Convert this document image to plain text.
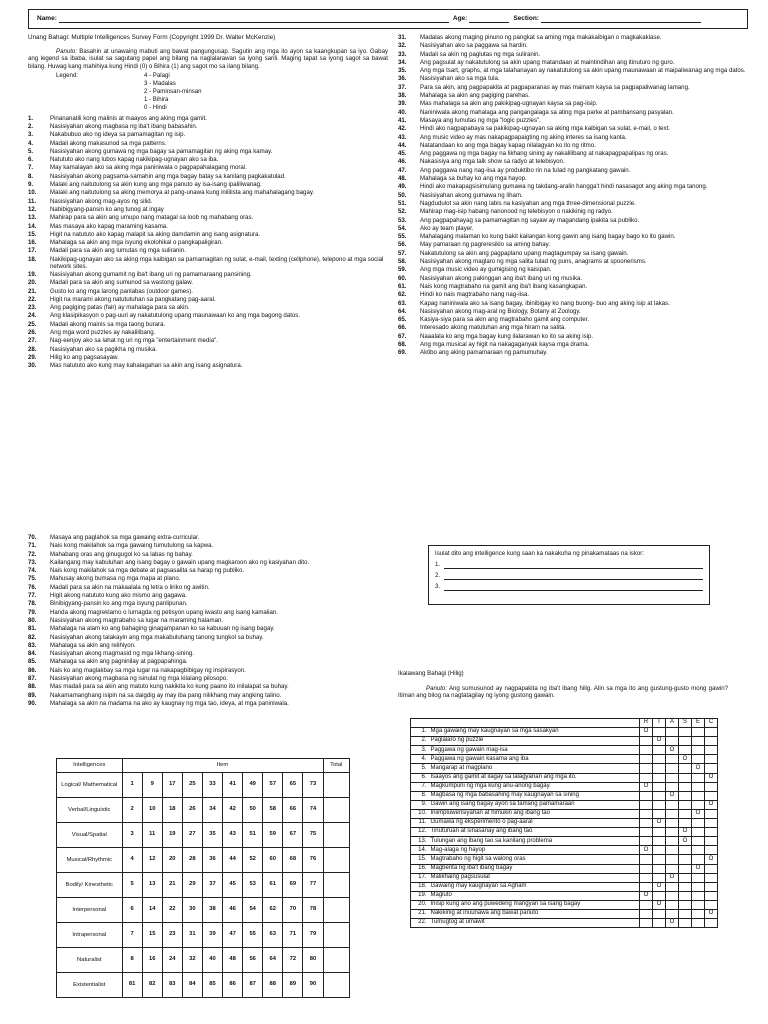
Name:	Age:	Section:
Unang Bahagi: Multiple Intelligences Survey Form (Copyright 1999 Dr. Walter McKenzie)

Panuto: Basahin at unawaing mabuti ang bawat pangungusap. Sagutin ang mga ito ayon sa kaangkupan sa iyo. Gabay ang legend sa ibaba, isulat sa sagutang papel ang bilang na naglalarawan sa iyong sarili. Maging tapat sa iyong sagot sa bawat bilang. Huwag kang mahihiya kung Hindi (0) o Bihira (1) ang sagot mo sa ilang bilang.

Legend:	4 - Palagi
3 - Madalas
2 - Paminsan-minsan
1 - Bihira
0 - Hindi
1.	Pinananatili kong malinis at maayos ang aking mga gamit.
2.	Nasisiyahan akong magbasa ng iba't ibang babasahin.
3.	Nakabubuo ako ng ideya sa pamamagitan ng isip.
4.	Madali akong makasunod sa mga patterns.
5.	Nasisiyahan akong gumawa ng mga bagay sa pamamagitan ng aking mga kamay.
6.	Natututo ako nang lubos kapag nakikipag-ugnayan ako sa iba.
7.	May kamalayan ako sa aking mga paniniwala o pagpapahalagang moral.
8.	Nasisiyahan akong pagsama-samahin ang mga bagay batay sa kanilang pagkakatulad.
9.	Malaki ang naitutulong sa akin kung ang mga panuto ay isa-isang ipaliliwanag.
10.	Malaki ang naitutulong sa aking memorya at pang-unawa kung inililista ang mahahalagang bagay.
11.	Nasisiyahan akong mag-ayos ng silid.
12.	Nabibigyang-pansin ko ang tunog at ingay
13.	Mahirap para sa akin ang umupo nang matagal sa loob ng mahabang oras.
14.	Mas masaya ako kapag maraming kasama.
15.	Higit na natututo ako kapag malapit sa aking damdamin ang isang asignatura.
16.	Mahalaga sa akin ang mga isyung ekolohikal o pangkapaligiran.
17.	Madali para sa akin ang lumutas ng mga suliranin.
18.	Nakikipag-ugnayan ako sa aking mga kaibigan sa pamamagitan ng sulat, e-mail, texting (cellphone), telepono at mga social network sites.
19.	Nasisiyahan akong gumamit ng iba't ibang uri ng pamamaraang pansining.
20.	Madali para sa akin ang sumunod sa wastong galaw.
21.	Gusto ko ang mga larong panlabas (outdoor games).
22.	Higit na marami akong natututuhan sa pangkatang pag-aaral.
23.	Ang pagiging patas (fair) ay mahalaga para sa akin.
24.	Ang klasipikasyon o pag-uuri ay nakatutulong upang maunawaan ko ang mga bagong datos.
25.	Madali akong mainis sa mga taong burara.
26.	Ang mga word puzzles ay nakalilibang.
27.	Nag-eenjoy ako sa lahat ng uri ng mga "entertainment media".
28.	Nasisiyahan ako sa pagikha ng musika.
29.	Hilig ko ang pagsasayaw.
30.	Mas natututo ako kung may kahalagahan sa akin ang isang asignatura.
31.	Madalas akong maging pinuno ng pangkat sa aming mga makakaibigan o magkakaklase.
32.	Nasisiyahan ako sa paggawa sa hardin.
33.	Madali sa akin ng paglutas ng mga suliranin.
34.	Ang pagsulat ay nakatutulong sa akin upang matandaan at maintindihan ang itinuturo ng guro.
35.	Ang mga tsart, graphs, at mga talahanayan ay nakatutulong sa akin upang maunawaan at maipaliwanag ang mga datos.
36.	Nasisiyahan ako sa mga tula.
37.	Para sa akin, ang pagpapakita at pagpaparanas ay mas mainam kaysa sa pagpapaliwanag lamang.
38.	Mahalaga sa akin ang pagiging parehas.
39.	Mas mahalaga sa akin ang pakikipag-ugnayan kaysa sa pag-iisip.
40.	Naniniwala akong mahalaga ang pangangalaga sa ating mga parke at pambansang pasyalan.
41.	Masaya ang lumutas ng mga "logic puzzles".
42.	Hindi ako nagpapabaya sa pakikipag-ugnayan sa aking mga kaibigan sa sulat, e-mail, o text.
43.	Ang music video ay mas nakapagpapaigting ng aking interes sa isang kanta.
44.	Natatandaan ko ang mga bagay kapag nilalagyan ko ito ng ritmo.
45.	Ang paggawa ng mga bagay na likhang sining ay nakalilibang at nakapagpapalipas ng oras.
46.	Nakasisiya ang mga talk show sa radyo at telebisyon.
47.	Ang paggawa nang nag-iisa ay produktibo rin na tulad ng pangkatang gawain.
48.	Mahalaga sa buhay ko ang mga hayop.
49.	Hindi ako makapagsisimulang gumawa ng takdang-aralin hangga't hindi nasasagot ang aking mga tanong.
50.	Nasisiyahan akong gumawa ng liham.
51.	Nagdudulot sa akin nang labis na kasiyahan ang mga three-dimensional puzzle.
52.	Mahirap mag-isip habang nanonood ng telebisyon o nakikinig ng radyo.
53.	Ang pagpapahayag sa pamamagitan ng sayaw ay magandang ipakita sa publiko.
54.	Ako ay team player.
55.	Mahalagang malaman ko kung bakit kailangan kong gawin ang isang bagay bago ko ito gawin.
56.	May pamaraan ng pagreresiklo sa aming bahay.
57.	Nakatutulong sa akin ang pagpaplano upang magtagumpay sa isang gawain.
58.	Nasisiyahan akong maglaro ng mga salita tulad ng puns, anagrams at spoonerisms.
59.	Ang mga music video ay gumigising ng kaisipan.
60.	Nasisiyahan akong pakinggan ang iba't ibang uri ng musika.
61.	Nais kong magtrabaho na gamit ang iba't ibang kasangkapan.
62.	Hindi ko nais magtrabaho nang nag-iisa.
63.	Kapag naniniwala ako sa isang bagay, ibinibigay ko nang buong- buo ang aking isip at lakas.
64.	Nasisiyahan akong mag-aral ng Biology, Botany at Zoology.
65.	Kasiya-siya para sa akin ang magtrabaho gamit ang computer.
66.	Interesado akong matutuhan ang mga hiram na salita.
67.	Naaalala ko ang mga bagay kung ilalarawan ko ito sa aking isip.
68.	Ang mga musical ay higit na nakagaganyak kaysa mga drama.
69.	Aktibo ang aking pamamaraan ng pamumuhay.
70.	Masaya ang paglahok sa mga gawaing extra-curricular.
71.	Nais kong makilahok sa mga gawaing tumutulong sa kapwa.
72.	Mahabang oras ang ginugugol ko sa labas ng bahay.
73.	Kailangang may kabuluhan ang isang bagay o gawain upang magkaroon ako ng kasiyahan dito.
74.	Nais kong makilahok sa mga debate at pagsasalita sa harap ng publiko.
75.	Mahusay akong bumasa ng mga mapa at plano.
76.	Madali para sa akin na makaalala ng letra o liriko ng awitin.
77.	Higit akong natututo kung ako mismo ang gagawa.
78.	Binibigyang-pansin ko ang mga isyung panlipunan.
79.	Handa akong magreklamo o lumagda ng petisyon upang iwasto ang isang kamalian.
80.	Nasisiyahan akong magtrabaho sa lugar na maraming halaman.
81.	Mahalaga na alam ko ang bahaging ginagampanan ko sa kabuuan ng isang bagay.
82.	Nasisiyahan akong talakayin ang mga makabuluhang tanong tungkol sa buhay.
83.	Mahalaga sa akin ang relihiyon.
84.	Nasisiyahan akong magmasid ng mga likhang-sining.
85.	Mahalaga sa akin ang pagninilay at pagpapahinga.
86.	Nais ko ang maglakbay sa mga lugar na nakapagbibigay ng inspirasyon.
87.	Nasisiyahan akong magbasa ng isinulat ng mga kilalang pilosopo.
88.	Mas madali para sa akin ang matuto kung nakikita ko kung paano ito inilalapat sa buhay.
89.	Nakamamanghang isipin na sa daigdig ay may iba pang nilikhang may angking talino.
90.	Mahalaga sa akin na madama na ako ay kaugnay ng mga tao, ideya, at mga paniniwala.
Isulat dito ang intelligence kung saan ka nakakuha ng pinakamataas na iskor:
1.
2.
3.
Ikalawang Bahagi (Hilig)

Panuto: Ang sumusunod ay nagpapakita ng iba't ibang hilig. Alin sa mga ito ang gustung-gusto mong gawin? Itiman ang bilog na nagtatagilay ng iyong gustong gawain.

		R	I	A	S	E	C
1.	Mga gawaing may kaugnayan sa mga sasakyan	O					
2.	Paglalaro ng puzzle		O				
3.	Paggawa ng gawain mag-isa			O			
4.	Paggawa ng gawain kasama ang iba				O		
5.	Mangarap at magplano					O	
6.	Isaayos ang gamit at ilagay sa lalagyanan ang mga ito.						O
7.	Magkumpuni ng mga kung anu-anong bagay.	O					
8.	Magbasa ng mga babasahing may kaugnayan sa sining			O			
9.	Gawin ang isang bagay ayon sa tamang pamamaraan						O
10.	Iniimpluwensiyahan at himukin ang ibang tao					O	
11.	Gumawa ng eksperimento o pag-aaral		O				
12.	Tinuturuan at sinasanay ang ibang tao				O		
13.	Tulungan ang ibang tao sa kanilang problema				O		
14.	Mag-alaga ng hayop	O					
15.	Magtrabaho ng higit sa walong oras						O
16.	Magbenta ng iba't ibang bagay					O	
17.	Malikhaing pagsusulat			O			
18.	Gawaing may kaugnayan sa Agham		O				
19.	Magluto	O					
20.	Inisip kung ano ang puwedeng mangyari sa isang bagay		O				
21.	Nakikinig at inuunawa ang bawat panuto						O
22.	Tumugtog at umawit			O			
Intelligences	Item										Total
Logical/ Mathematical	1	9	17	25	33	41	49	57	65	73	
Verbal/Linguistic	2	10	18	26	34	42	50	58	66	74	
Visual/Spatial	3	11	19	27	35	43	51	59	67	75	
Musical/Rhythmic	4	12	20	28	36	44	52	60	68	76	
Bodily/ Kinesthetic	5	13	21	29	37	45	53	61	69	77	
Interpersonal	6	14	22	30	38	46	54	62	70	78	
Intrapersonal	7	15	23	31	39	47	55	63	71	79	
Naturalist	8	16	24	32	40	48	56	64	72	80	
Existentialist	81	82	83	84	85	86	87	88	89	90	
